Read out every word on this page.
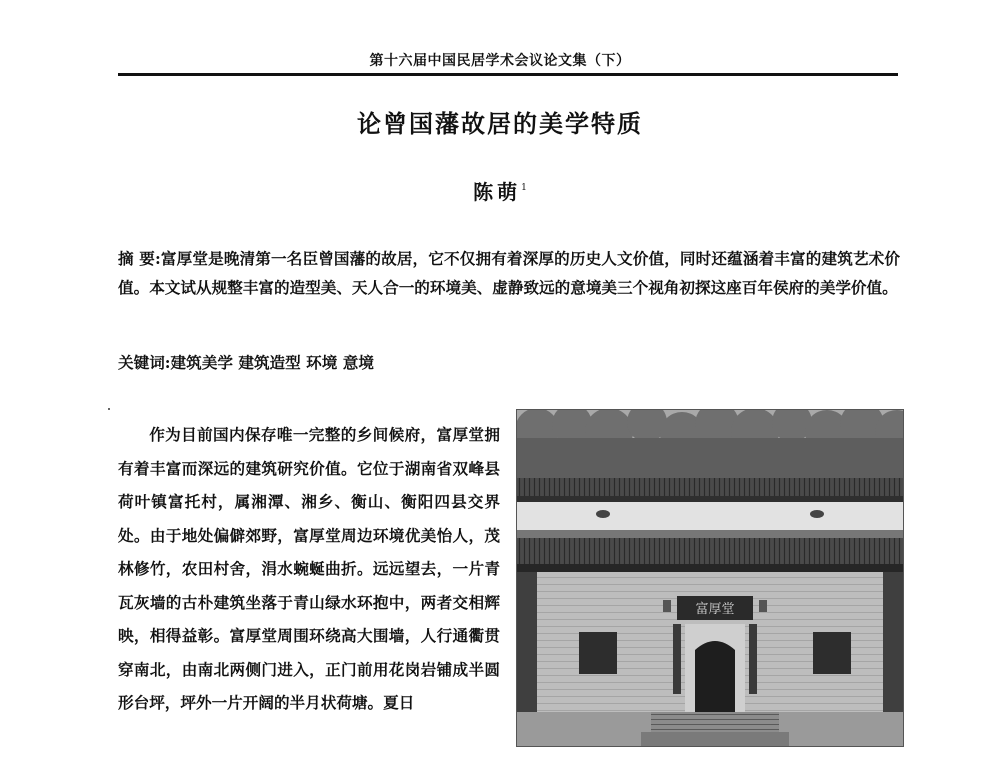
第十六届中国民居学术会议论文集（下）
论曾国藩故居的美学特质
陈萌$^1$
摘 要:富厚堂是晚清第一名臣曾国藩的故居，它不仅拥有着深厚的历史人文价值，同时还蕴涵着丰富的建筑艺术价值。本文试从规整丰富的造型美、天人合一的环境美、虚静致远的意境美三个视角初探这座百年侯府的美学价值。
关键词:建筑美学 建筑造型 环境 意境
作为目前国内保存唯一完整的乡间候府，富厚堂拥有着丰富而深远的建筑研究价值。它位于湖南省双峰县荷叶镇富托村，属湘潭、湘乡、衡山、衡阳四县交界处。由于地处偏僻郊野，富厚堂周边环境优美怡人，茂林修竹，农田村舍，涓水蜿蜒曲折。远远望去，一片青瓦灰墙的古朴建筑坐落于青山绿水环抱中，两者交相辉映，相得益彰。富厚堂周围环绕高大围墙，人行通衢贯穿南北，由南北两侧门进入，正门前用花岗岩铺成半圆形台坪，坪外一片开阔的半月状荷塘。夏日
富厚堂
